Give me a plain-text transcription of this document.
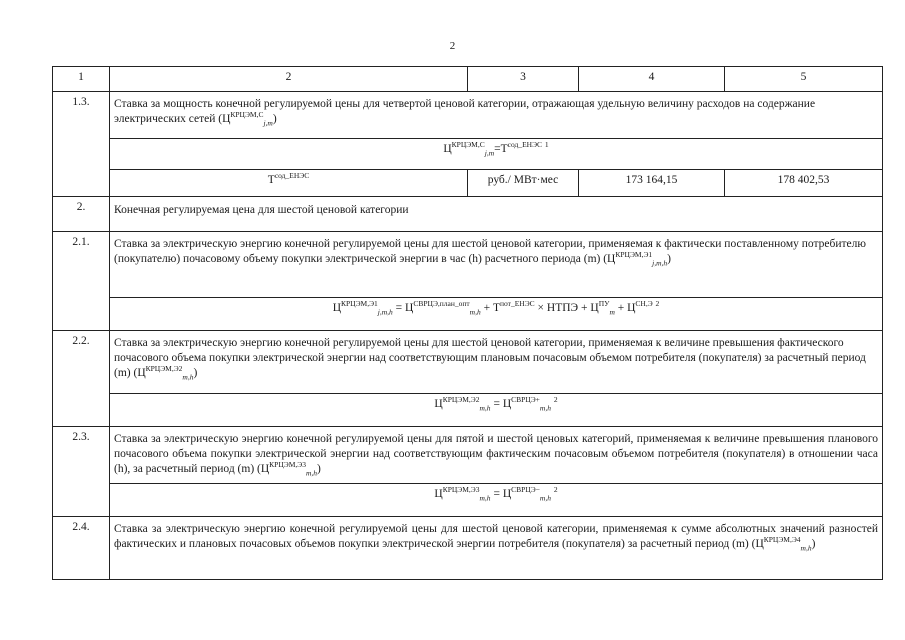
2
1	2	3	4	5
1.3.	Ставка за мощность конечной регулируемой цены для четвертой ценовой категории, отражающая удельную величину расходов на содержание электрических сетей $(Ц^{КРЦЭМ,С}_{j,m})$			
	$Ц^{КРЦЭМ,С}_{j,m}=Т^{сод\_ЕНЭС}$ $^1$
	$Т^{сод\_ЕНЭС}$	руб./ МВт·мес	173 164,15	178 402,53
2.	Конечная регулируемая цена для шестой ценовой категории			
2.1.	Ставка за электрическую энергию конечной регулируемой цены для шестой ценовой категории, применяемая к фактически поставленному потребителю (покупателю) почасовому объему покупки электрической энергии в час (h) расчетного периода (m) $(Ц^{КРЦЭМ,Э1}_{j,m,h})$			
	$Ц^{КРЦЭМ,Э1}_{j,m,h} = Ц^{СВРЦЭ,план\_опт}_{m,h} + Т^{пот\_ЕНЭС}$ × НТПЭ + $Ц^{ПУ}_m + Ц^{СН,Э}$ $^2$
2.2.	Ставка за электрическую энергию конечной регулируемой цены для шестой ценовой категории, применяемая к величине превышения фактического почасового объема покупки электрической энергии над соответствующим плановым почасовым объемом потребителя (покупателя) за расчетный период (m) $(Ц^{КРЦЭМ,Э2}_{m,h})$			
	$Ц^{КРЦЭМ,Э2}_{m,h} = Ц^{СВРЦЭ+}_{m,h}$ $^2$
2.3.	Ставка за электрическую энергию конечной регулируемой цены для пятой и шестой ценовых категорий, применяемая к величине превышения планового почасового объема покупки электрической энергии над соответствующим фактическим почасовым объемом потребителя (покупателя) в отношении часа (h), за расчетный период (m) $(Ц^{КРЦЭМ,Э3}_{m,h})$			
	$Ц^{КРЦЭМ,Э3}_{m,h} = Ц^{СВРЦЭ-}_{m,h}$ $^2$
2.4.	Ставка за электрическую энергию конечной регулируемой цены для шестой ценовой категории, применяемая к сумме абсолютных значений разностей фактических и плановых почасовых объемов покупки электрической энергии потребителя (покупателя) за расчетный период (m) $(Ц^{КРЦЭМ,Э4}_{m,h})$			
